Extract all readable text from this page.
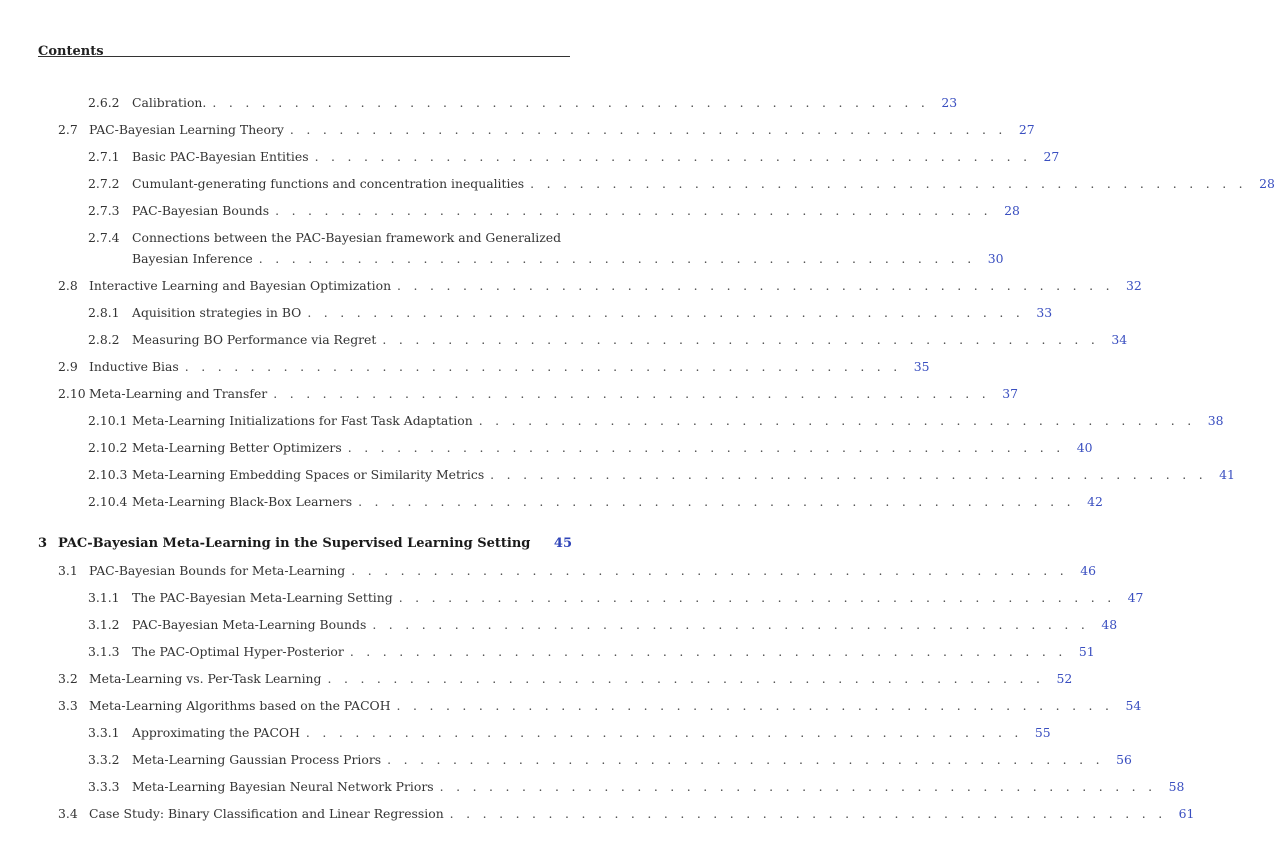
Contents
2.6.2	Calibration. . . . . . . . . . . . . . . . . . . . . . . . . . . . . . . . . . . . . . . . . . . . . 23
2.7 PAC-Bayesian Learning Theory . . . . . . . . . . . . . . . . . . . . . . . . . . . . . . . . . . . . . . . . . . . . 27
2.7.1	Basic PAC-Bayesian Entities . . . . . . . . . . . . . . . . . . . . . . . . . . . . . . . . . . . . . . . . . . . . 27
2.7.2	Cumulant-generating functions and concentration inequalities . . . . . . . . . . . . . . . . . . . . . . . . . . . . . . . . . . . . . . . . . . . . 28
2.7.3	PAC-Bayesian Bounds . . . . . . . . . . . . . . . . . . . . . . . . . . . . . . . . . . . . . . . . . . . . 28
2.7.4	Connections between the PAC-Bayesian framework and Generalized
Bayesian Inference . . . . . . . . . . . . . . . . . . . . . . . . . . . . . . . . . . . . . . . . . . . . 30
2.8 Interactive Learning and Bayesian Optimization . . . . . . . . . . . . . . . . . . . . . . . . . . . . . . . . . . . . . . . . . . . . 32
2.8.1	Aquisition strategies in BO . . . . . . . . . . . . . . . . . . . . . . . . . . . . . . . . . . . . . . . . . . . . 33
2.8.2	Measuring BO Performance via Regret . . . . . . . . . . . . . . . . . . . . . . . . . . . . . . . . . . . . . . . . . . . . 34
2.9 Inductive Bias . . . . . . . . . . . . . . . . . . . . . . . . . . . . . . . . . . . . . . . . . . . . 35
2.10 Meta-Learning and Transfer . . . . . . . . . . . . . . . . . . . . . . . . . . . . . . . . . . . . . . . . . . . . 37
2.10.1 Meta-Learning Initializations for Fast Task Adaptation . . . . . . . . . . . . . . . . . . . . . . . . . . . . . . . . . . . . . . . . . . . . 38
2.10.2 Meta-Learning Better Optimizers . . . . . . . . . . . . . . . . . . . . . . . . . . . . . . . . . . . . . . . . . . . . 40
2.10.3 Meta-Learning Embedding Spaces or Similarity Metrics . . . . . . . . . . . . . . . . . . . . . . . . . . . . . . . . . . . . . . . . . . . . 41
2.10.4 Meta-Learning Black-Box Learners . . . . . . . . . . . . . . . . . . . . . . . . . . . . . . . . . . . . . . . . . . . . 42
3 PAC-Bayesian Meta-Learning in the Supervised Learning Setting 45
3.1 PAC-Bayesian Bounds for Meta-Learning . . . . . . . . . . . . . . . . . . . . . . . . . . . . . . . . . . . . . . . . . . . . 46
3.1.1	The PAC-Bayesian Meta-Learning Setting . . . . . . . . . . . . . . . . . . . . . . . . . . . . . . . . . . . . . . . . . . . . 47
3.1.2	PAC-Bayesian Meta-Learning Bounds . . . . . . . . . . . . . . . . . . . . . . . . . . . . . . . . . . . . . . . . . . . . 48
3.1.3	The PAC-Optimal Hyper-Posterior . . . . . . . . . . . . . . . . . . . . . . . . . . . . . . . . . . . . . . . . . . . . 51
3.2 Meta-Learning vs. Per-Task Learning . . . . . . . . . . . . . . . . . . . . . . . . . . . . . . . . . . . . . . . . . . . . 52
3.3 Meta-Learning Algorithms based on the PACOH . . . . . . . . . . . . . . . . . . . . . . . . . . . . . . . . . . . . . . . . . . . . 54
3.3.1	Approximating the PACOH . . . . . . . . . . . . . . . . . . . . . . . . . . . . . . . . . . . . . . . . . . . . 55
3.3.2	Meta-Learning Gaussian Process Priors . . . . . . . . . . . . . . . . . . . . . . . . . . . . . . . . . . . . . . . . . . . . 56
3.3.3	Meta-Learning Bayesian Neural Network Priors . . . . . . . . . . . . . . . . . . . . . . . . . . . . . . . . . . . . . . . . . . . . 58
3.4 Case Study: Binary Classification and Linear Regression . . . . . . . . . . . . . . . . . . . . . . . . . . . . . . . . . . . . . . . . . . . . 61
